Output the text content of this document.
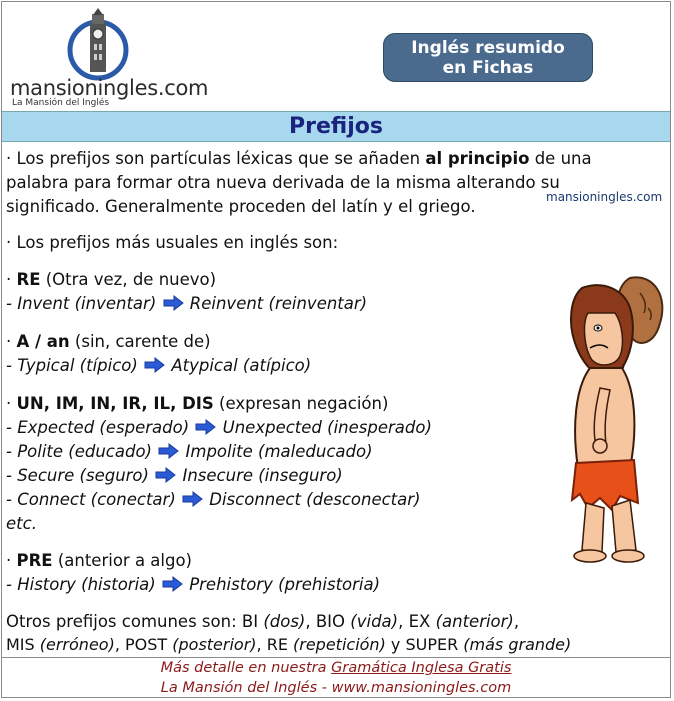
mansioningles.com
La Mansión del Inglés
Inglés resumido
en Fichas
Prefijos
· Los prefijos son partículas léxicas que se añaden al principio de una
palabra para formar otra nueva derivada de la misma alterando su
significado. Generalmente proceden del latín y el griego.	mansioningles.com
· Los prefijos más usuales en inglés son:
· RE (Otra vez, de nuevo)
- Invent (inventar) Reinvent (reinventar)
· A / an (sin, carente de)
- Typical (típico) Atypical (atípico)
· UN, IM, IN, IR, IL, DIS (expresan negación)
- Expected (esperado) Unexpected (inesperado)
- Polite (educado) Impolite (maleducado)
- Secure (seguro) Insecure (inseguro)
- Connect (conectar) Disconnect (desconectar)
etc.
· PRE (anterior a algo)
- History (historia) Prehistory (prehistoria)
Otros prefijos comunes son: BI (dos), BIO (vida), EX (anterior),
MIS (erróneo), POST (posterior), RE (repetición) y SUPER (más grande)
Más detalle en nuestra Gramática Inglesa Gratis
La Mansión del Inglés - www.mansioningles.com
